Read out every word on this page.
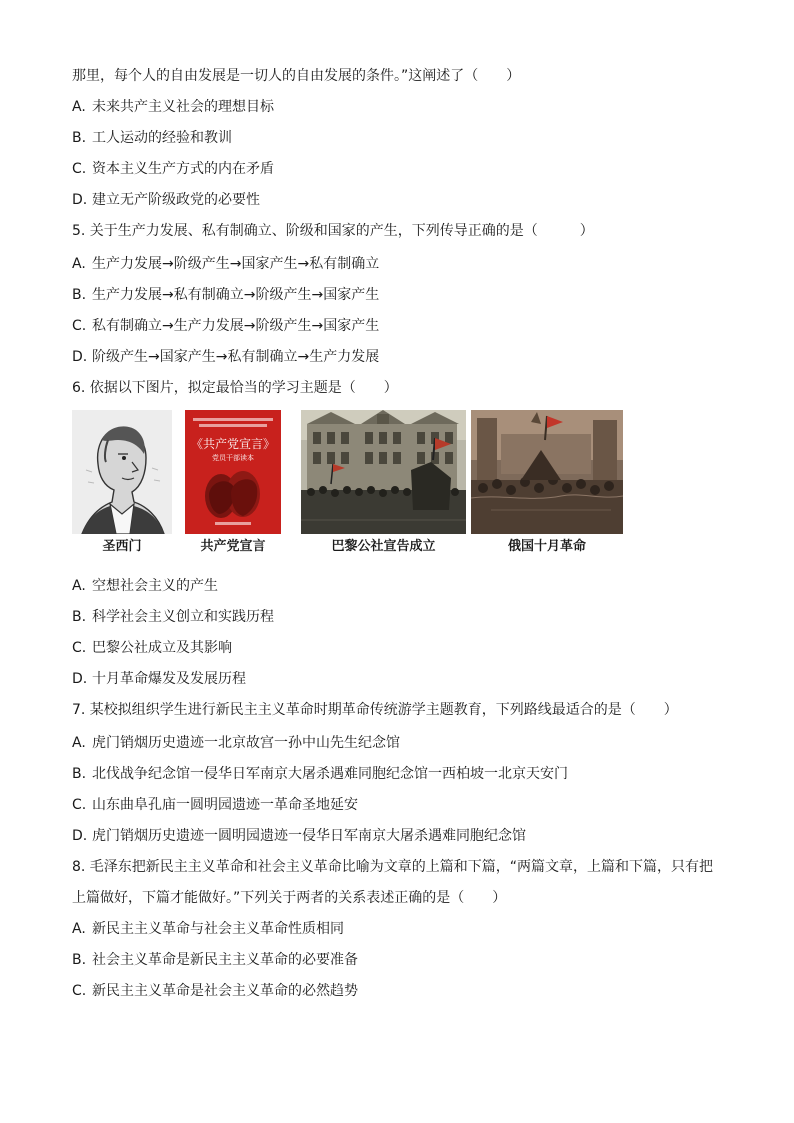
那里，每个人的自由发展是一切人的自由发展的条件。”这阐述了（　　）
A. 未来共产主义社会的理想目标
B. 工人运动的经验和教训
C. 资本主义生产方式的内在矛盾
D. 建立无产阶级政党的必要性
5. 关于生产力发展、私有制确立、阶级和国家的产生，下列传导正确的是（　　　）
A. 生产力发展→阶级产生→国家产生→私有制确立
B. 生产力发展→私有制确立→阶级产生→国家产生
C. 私有制确立→生产力发展→阶级产生→国家产生
D. 阶级产生→国家产生→私有制确立→生产力发展
6. 依据以下图片，拟定最恰当的学习主题是（　　）
《共产党宣言》
党员干部读本
圣西门	共产党宣言	巴黎公社宣告成立	俄国十月革命
A. 空想社会主义的产生
B. 科学社会主义创立和实践历程
C. 巴黎公社成立及其影响
D. 十月革命爆发及发展历程
7. 某校拟组织学生进行新民主主义革命时期革命传统游学主题教育，下列路线最适合的是（　　）
A. 虎门销烟历史遗迹一北京故宫一孙中山先生纪念馆
B. 北伐战争纪念馆一侵华日军南京大屠杀遇难同胞纪念馆一西柏坡一北京天安门
C. 山东曲阜孔庙一圆明园遗迹一革命圣地延安
D. 虎门销烟历史遗迹一圆明园遗迹一侵华日军南京大屠杀遇难同胞纪念馆
8. 毛泽东把新民主主义革命和社会主义革命比喻为文章的上篇和下篇，“两篇文章，上篇和下篇，只有把
上篇做好，下篇才能做好。”下列关于两者的关系表述正确的是（　　）
A. 新民主主义革命与社会主义革命性质相同
B. 社会主义革命是新民主主义革命的必要准备
C. 新民主主义革命是社会主义革命的必然趋势
